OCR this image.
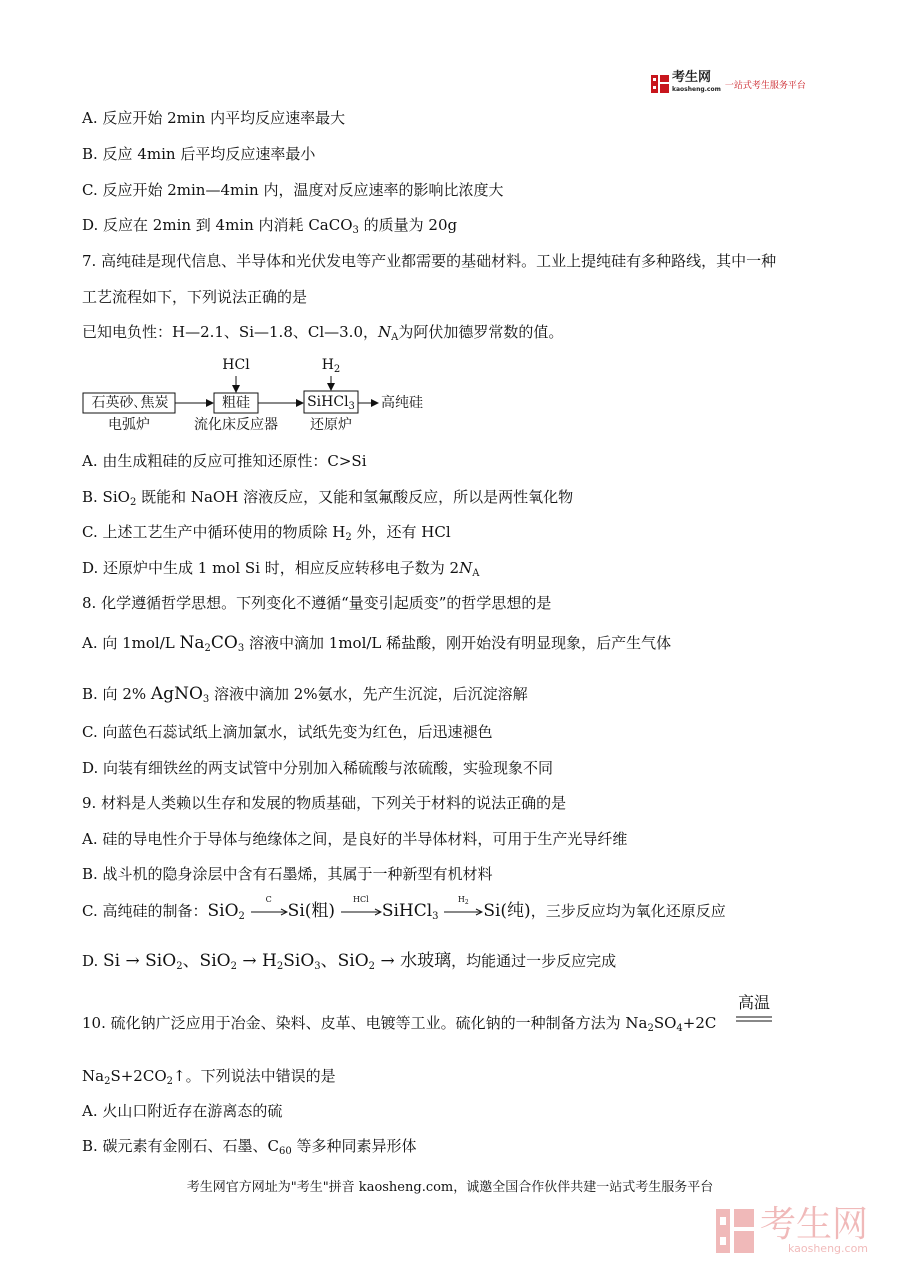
考生网
kaosheng.com 一站式考生服务平台
A. 反应开始 2min 内平均反应速率最大
B. 反应 4min 后平均反应速率最小
C. 反应开始 2min—4min 内，温度对反应速率的影响比浓度大
D. 反应在 2min 到 4min 内消耗 CaCO$_3$ 的质量为 20g
7. 高纯硅是现代信息、半导体和光伏发电等产业都需要的基础材料。工业上提纯硅有多种路线，其中一种
工艺流程如下，下列说法正确的是
已知电负性：H—2.1、Si—1.8、Cl—3.0，$N_A$为阿伏加德罗常数的值。
石英砂､焦炭
电弧炉
HCl
粗硅
流化床反应器
$H_2$
SiHCl$_3$
还原炉
高纯硅
A. 由生成粗硅的反应可推知还原性：C>Si
B. SiO$_2$ 既能和 NaOH 溶液反应，又能和氢氟酸反应，所以是两性氧化物
C. 上述工艺生产中循环使用的物质除 $H_2$ 外，还有 HCl
D. 还原炉中生成 1 mol Si 时，相应反应转移电子数为 $2N_A$
8. 化学遵循哲学思想。下列变化不遵循“量变引起质变”的哲学思想的是
A. 向 1mol/L $Na_2CO_3$ 溶液中滴加 1mol/L 稀盐酸，刚开始没有明显现象，后产生气体
B. 向 2% AgNO$_3$ 溶液中滴加 2%氨水，先产生沉淀，后沉淀溶解
C. 向蓝色石蕊试纸上滴加氯水，试纸先变为红色，后迅速褪色
D. 向装有细铁丝的两支试管中分别加入稀硫酸与浓硫酸，实验现象不同
9. 材料是人类赖以生存和发展的物质基础，下列关于材料的说法正确的是
A. 硅的导电性介于导体与绝缘体之间，是良好的半导体材料，可用于生产光导纤维
B. 战斗机的隐身涂层中含有石墨烯，其属于一种新型有机材料
C. 高纯硅的制备：SiO$_2$
C
Si(粗)
HCl
SiHCl$_3$
$H_2$ Si(纯)，三步反应均为氧化还原反应
D. Si → SiO$_2$、$SiO_2 \to H_2SiO_3$、SiO$_2$ → 水玻璃，均能通过一步反应完成
10. 硫化钠广泛应用于冶金、染料、皮革、电镀等工业。硫化钠的一种制备方法为 $Na_2SO_4+2C$
高温
$Na_2S+2CO_2↑$。下列说法中错误的是
A. 火山口附近存在游离态的硫
B. 碳元素有金刚石、石墨、$C_{60}$ 等多种同素异形体
考生网官方网址为"考生"拼音 kaosheng.com，诚邀全国合作伙伴共建一站式考生服务平台
考生网
kaosheng.com
